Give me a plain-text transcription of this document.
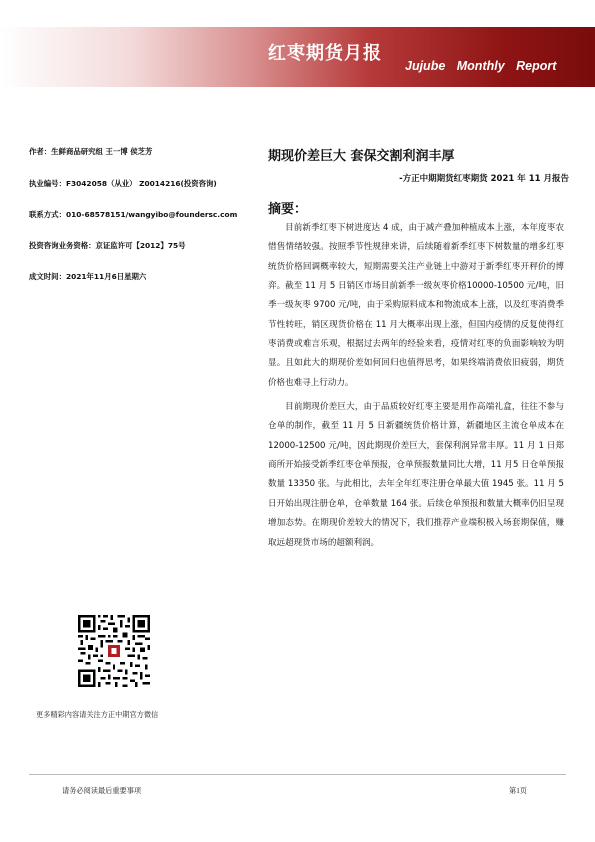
红枣期货月报
Jujube Monthly Report
作者：生鲜商品研究组 王一博 侯芝芳
执业编号：F3042058（从业） Z0014216(投资咨询)
联系方式：010-68578151/wangyibo@foundersc.com
投资咨询业务资格：京证监许可【2012】75号
成文时间：2021年11月6日星期六
期现价差巨大 套保交割利润丰厚
-方正中期期货红枣期货 2021 年 11 月报告
摘要：

目前新季红枣下树进度达 4 成，由于减产叠加种植成本上涨，本年度枣农惜售情绪较强。按照季节性规律来讲，后续随着新季红枣下树数量的增多红枣统货价格回调概率较大，短期需要关注产业链上中游对于新季红枣开秤价的博弈。截至 11 月 5 日销区市场目前新季一级灰枣价格10000-10500 元/吨，旧季一级灰枣 9700 元/吨，由于采购原料成本和物流成本上涨，以及红枣消费季节性转旺，销区现货价格在 11 月大概率出现上涨，但国内疫情的反复使得红枣消费或难言乐观，根据过去两年的经验来看，疫情对红枣的负面影响较为明显。且如此大的期现价差如何回归也值得思考，如果终端消费依旧疲弱，期货价格也难寻上行动力。

目前期现价差巨大，由于品质较好红枣主要是用作高端礼盒，往往不参与仓单的制作，截至 11 月 5 日新疆统货价格计算，新疆地区主流仓单成本在 12000-12500 元/吨，因此期现价差巨大，套保利润异常丰厚。11 月 1 日郑商所开始接受新季红枣仓单预报，仓单预报数量同比大增，11 月5 日仓单预报数量 13350 张。与此相比，去年全年红枣注册仓单最大值 1945 张。11 月 5 日开始出现注册仓单，仓单数量 164 张。后续仓单预报和数量大概率仍旧呈现增加态势。在期现价差较大的情况下，我们推荐产业端积极入场套期保值，赚取远超现货市场的超额利润。

更多精彩内容请关注方正中期官方微信
请务必阅读最后重要事项	第1页
